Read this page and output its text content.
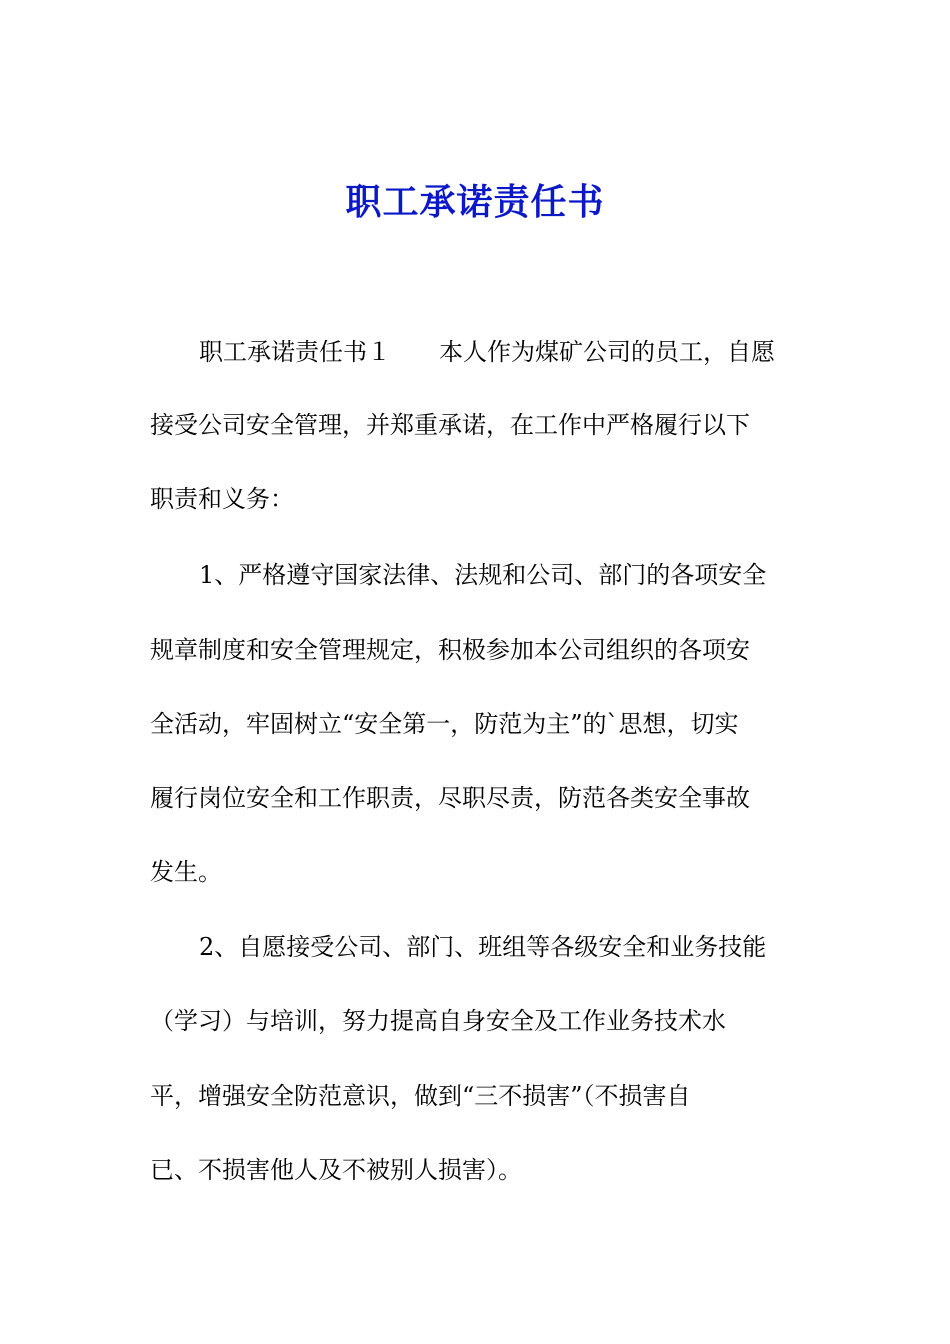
职工承诺责任书
职工承诺责任书１　　本人作为煤矿公司的员工，自愿
接受公司安全管理，并郑重承诺，在工作中严格履行以下
职责和义务：
1、严格遵守国家法律、法规和公司、部门的各项安全
规章制度和安全管理规定，积极参加本公司组织的各项安
全活动，牢固树立“安全第一，防范为主”的`思想，切实
履行岗位安全和工作职责，尽职尽责，防范各类安全事故
发生。
2、自愿接受公司、部门、班组等各级安全和业务技能
（学习）与培训，努力提高自身安全及工作业务技术水
平，增强安全防范意识，做到“三不损害”（不损害自
已、不损害他人及不被别人损害）。
